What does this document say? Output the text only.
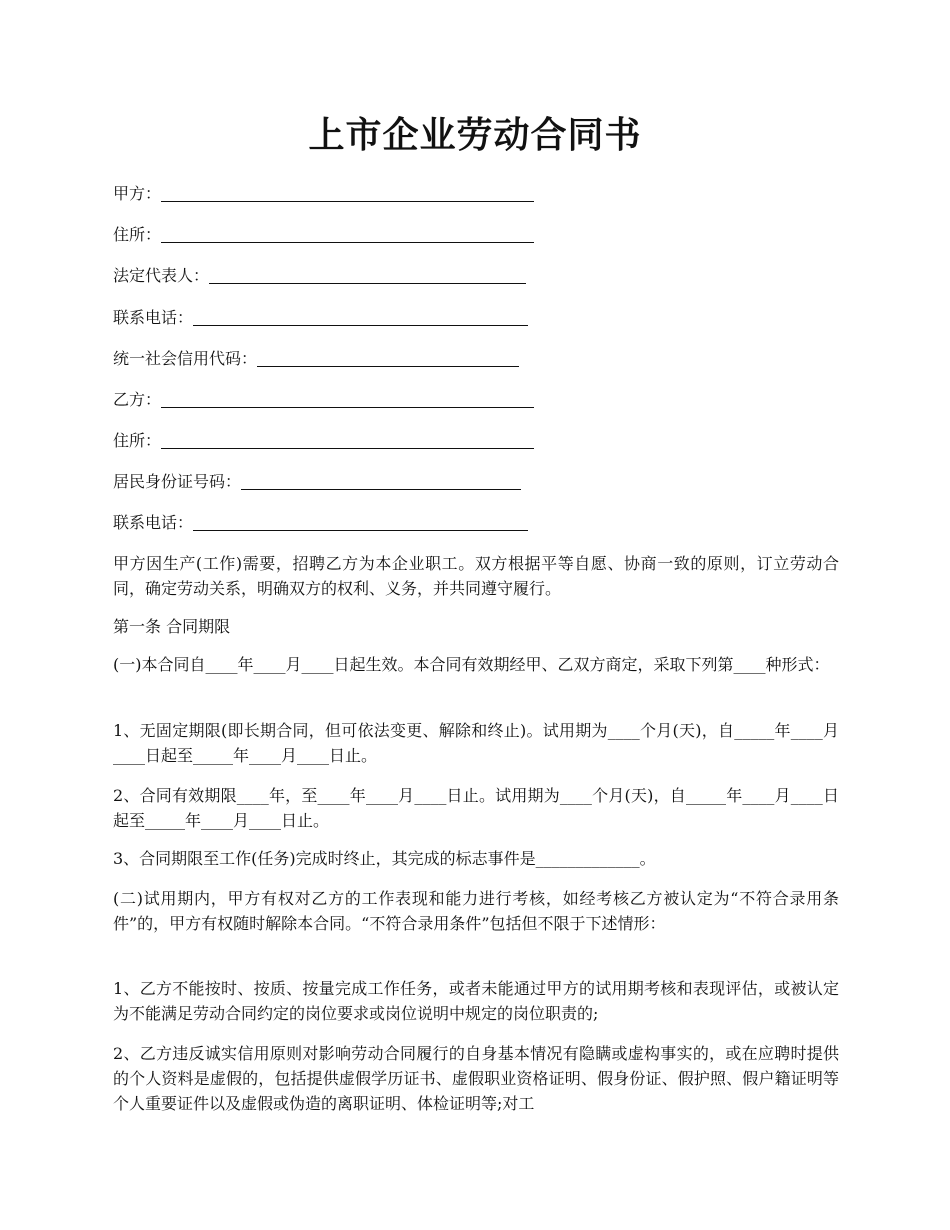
上市企业劳动合同书
甲方：
住所：
法定代表人：
联系电话：
统一社会信用代码：
乙方：
住所：
居民身份证号码：
联系电话：

甲方因生产(工作)需要，招聘乙方为本企业职工。双方根据平等自愿、协商一致的原则，订立劳动合同，确定劳动关系，明确双方的权利、义务，并共同遵守履行。

第一条 合同期限

(一)本合同自____年____月____日起生效。本合同有效期经甲、乙双方商定，采取下列第____种形式：

1、无固定期限(即长期合同，但可依法变更、解除和终止)。试用期为____个月(天)，自_____年____月____日起至_____年____月____日止。

2、合同有效期限____年，至____年____月____日止。试用期为____个月(天)，自_____年____月____日起至_____年____月____日止。

3、合同期限至工作(任务)完成时终止，其完成的标志事件是_____________。

(二)试用期内，甲方有权对乙方的工作表现和能力进行考核，如经考核乙方被认定为“不符合录用条件”的，甲方有权随时解除本合同。“不符合录用条件”包括但不限于下述情形：

1、乙方不能按时、按质、按量完成工作任务，或者未能通过甲方的试用期考核和表现评估，或被认定为不能满足劳动合同约定的岗位要求或岗位说明中规定的岗位职责的;

2、乙方违反诚实信用原则对影响劳动合同履行的自身基本情况有隐瞒或虚构事实的，或在应聘时提供的个人资料是虚假的，包括提供虚假学历证书、虚假职业资格证明、假身份证、假护照、假户籍证明等个人重要证件以及虚假或伪造的离职证明、体检证明等;对工
